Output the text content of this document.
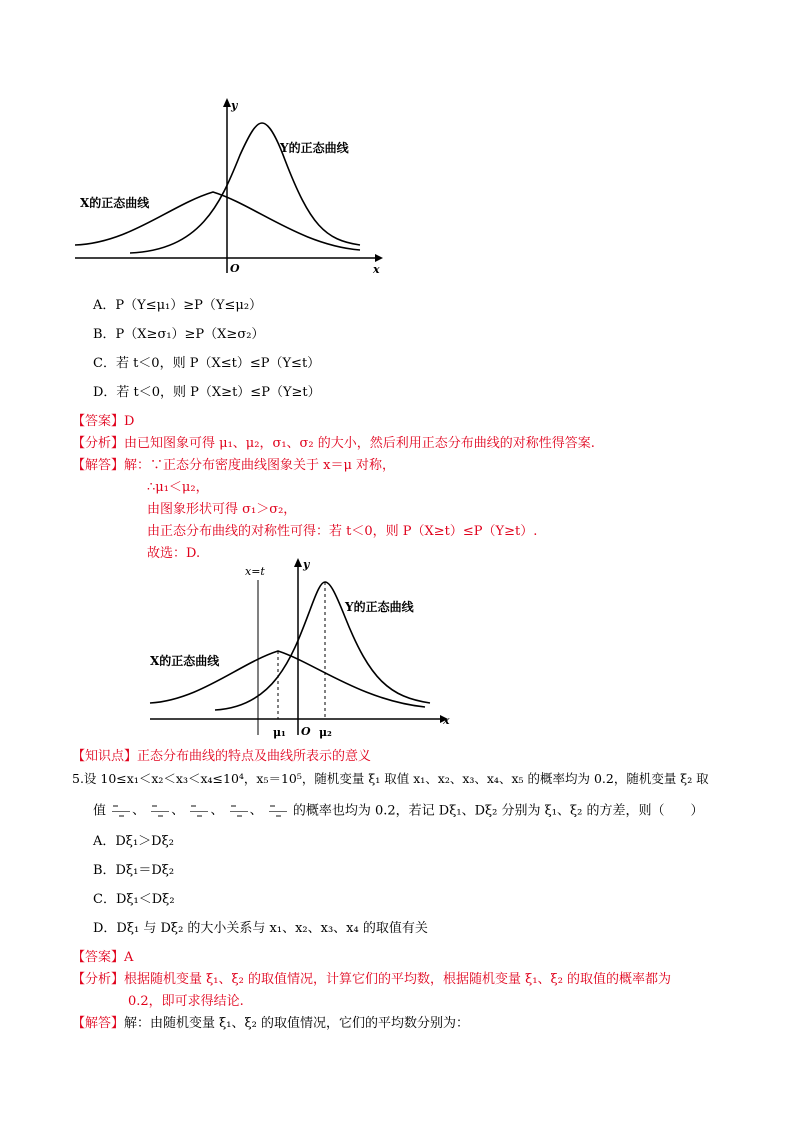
y
x
O
Y的正态曲线
X的正态曲线
A．P（Y≤μ₁）≥P（Y≤μ₂）
B．P（X≥σ₁）≥P（X≥σ₂）
C．若 t＜0，则 P（X≤t）≤P（Y≤t）
D．若 t＜0，则 P（X≥t）≤P（Y≥t）
【答案】D
【分析】由已知图象可得 μ₁、μ₂，σ₁、σ₂ 的大小，然后利用正态分布曲线的对称性得答案.
【解答】解：∵正态分布密度曲线图象关于 x＝μ 对称，
∴μ₁＜μ₂，
由图象形状可得 σ₁＞σ₂，
由正态分布曲线的对称性可得：若 t＜0，则 P（X≥t）≤P（Y≥t）.
故选：D.
x=t
y
x
O
μ₁	μ₂
Y的正态曲线
X的正态曲线
【知识点】正态分布曲线的特点及曲线所表示的意义
5.设 10≤x₁＜x₂＜x₃＜x₄≤10⁴，x₅＝10⁵，随机变量 ξ₁ 取值 x₁、x₂、x₃、x₄、x₅ 的概率均为 0.2，随机变量 ξ₂ 取
值 、
、
、
、
的概率也均为 0.2，若记 Dξ₁、Dξ₂ 分别为 ξ₁、ξ₂ 的方差，则（　　）
A．Dξ₁＞Dξ₂
B．Dξ₁＝Dξ₂
C．Dξ₁＜Dξ₂
D．Dξ₁ 与 Dξ₂ 的大小关系与 x₁、x₂、x₃、x₄ 的取值有关
【答案】A
【分析】根据随机变量 ξ₁、ξ₂ 的取值情况，计算它们的平均数，根据随机变量 ξ₁、ξ₂ 的取值的概率都为
0.2，即可求得结论.
【解答】解：由随机变量 ξ₁、ξ₂ 的取值情况，它们的平均数分别为：
